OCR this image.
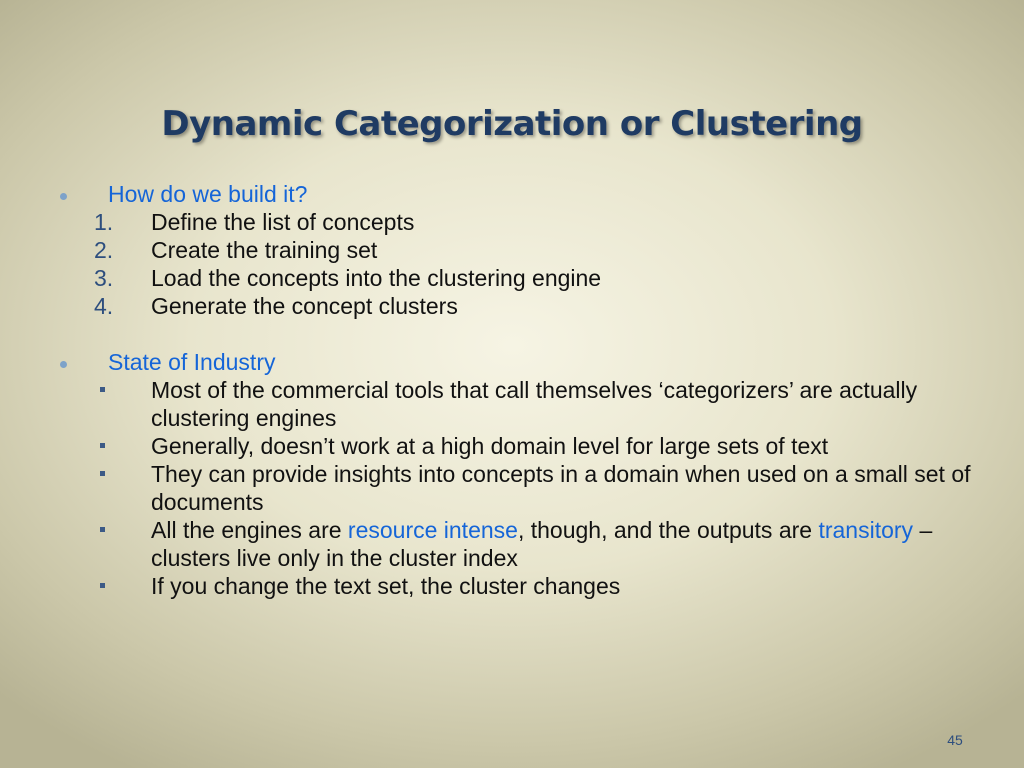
Dynamic Categorization or Clustering
How do we build it?
1. Define the list of concepts
2. Create the training set
3. Load the concepts into the clustering engine
4. Generate the concept clusters
State of Industry
Most of the commercial tools that call themselves ‘categorizers’ are actually clustering engines
Generally, doesn’t work at a high domain level for large sets of text
They can provide insights into concepts in a domain when used on a small set of documents
All the engines are resource intense, though, and the outputs are transitory – clusters live only in the cluster index
If you change the text set, the cluster changes
45
